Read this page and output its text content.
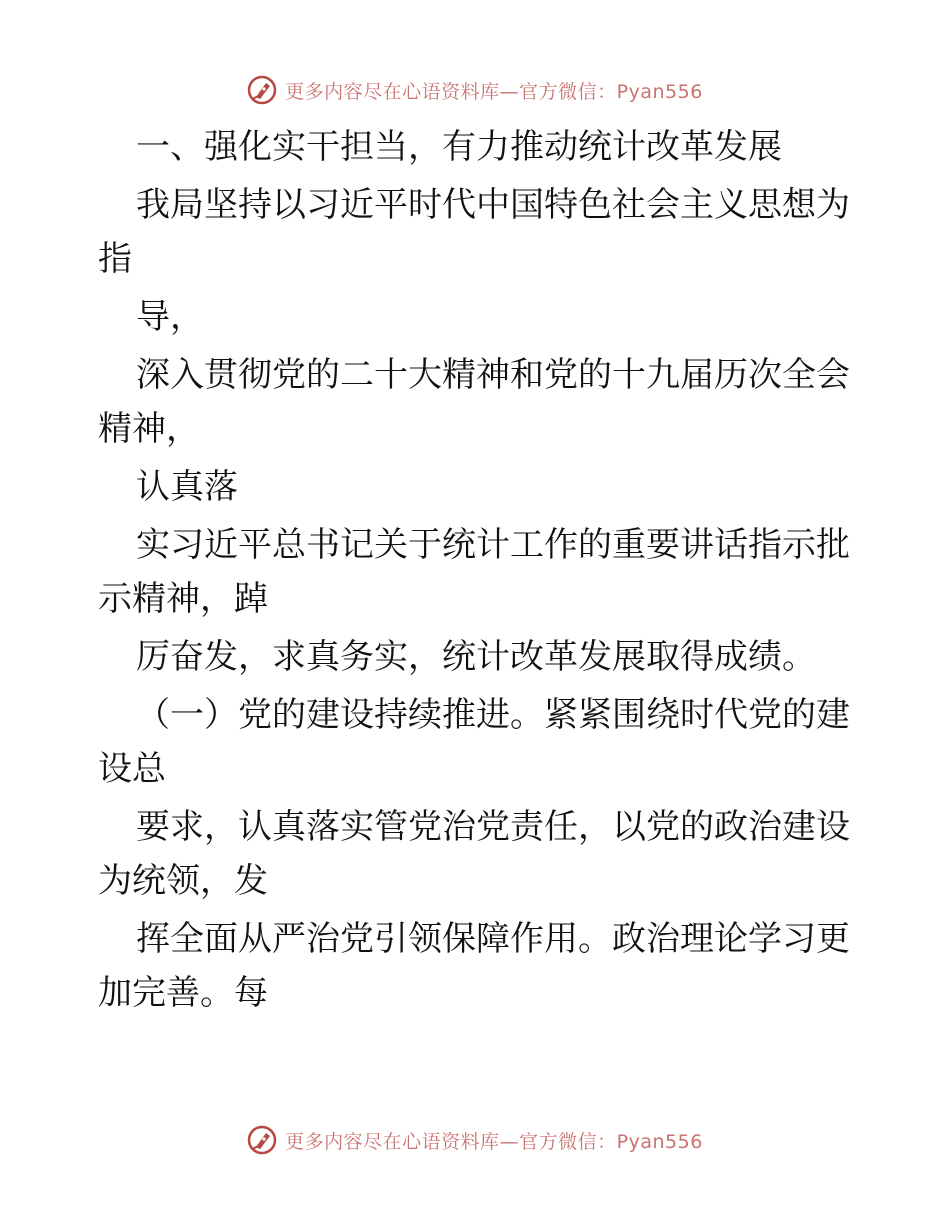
更多内容尽在心语资料库—官方微信：Pyan556
一、强化实干担当，有力推动统计改革发展
我局坚持以习近平时代中国特色社会主义思想为
指
导，
深入贯彻党的二十大精神和党的十九届历次全会
精神，
认真落
实习近平总书记关于统计工作的重要讲话指示批
示精神，踔
厉奋发，求真务实，统计改革发展取得成绩。
（一）党的建设持续推进。紧紧围绕时代党的建
设总
要求，认真落实管党治党责任，以党的政治建设
为统领，发
挥全面从严治党引领保障作用。政治理论学习更
加完善。每
更多内容尽在心语资料库—官方微信：Pyan556
